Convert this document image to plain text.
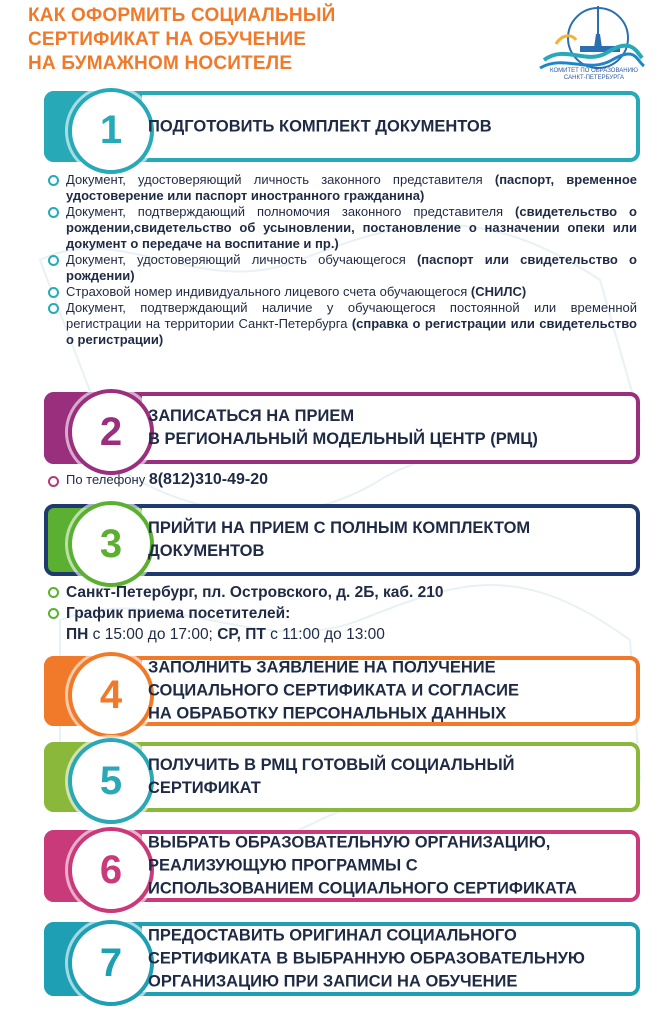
КАК ОФОРМИТЬ СОЦИАЛЬНЫЙ
СЕРТИФИКАТ НА ОБУЧЕНИЕ
НА БУМАЖНОМ НОСИТЕЛЕ	КОМИТЕТ ПО ОБРАЗОВАНИЮ САНКТ-ПЕТЕРБУРГА
1	ПОДГОТОВИТЬ КОМПЛЕКТ ДОКУМЕНТОВ
Документ, удостоверяющий личность законного представителя (паспорт, временное удостоверение или паспорт иностранного гражданина)
Документ, подтверждающий полномочия законного представителя (свидетельство о рождении,свидетельство об усыновлении, постановление о назначении опеки или документ о передаче на воспитание и пр.)
Документ, удостоверяющий личность обучающегося (паспорт или свидетельство о рождении)
Страховой номер индивидуального лицевого счета обучающегося (СНИЛС)
Документ, подтверждающий наличие у обучающегося постоянной или временной регистрации на территории Санкт-Петербурга (справка о регистрации или свидетельство о регистрации)
2	ЗАПИСАТЬСЯ НА ПРИЕМ
В РЕГИОНАЛЬНЫЙ МОДЕЛЬНЫЙ ЦЕНТР (РМЦ)
По телефону 8(812)310-49-20
3	ПРИЙТИ НА ПРИЕМ С ПОЛНЫМ КОМПЛЕКТОМ
ДОКУМЕНТОВ
Санкт-Петербург, пл. Островского, д. 2Б, каб. 210
График приема посетителей:
ПН с 15:00 до 17:00; СР, ПТ с 11:00 до 13:00
4
ЗАПОЛНИТЬ ЗАЯВЛЕНИЕ НА ПОЛУЧЕНИЕ
СОЦИАЛЬНОГО СЕРТИФИКАТА И СОГЛАСИЕ
НА ОБРАБОТКУ ПЕРСОНАЛЬНЫХ ДАННЫХ
5	ПОЛУЧИТЬ В РМЦ ГОТОВЫЙ СОЦИАЛЬНЫЙ
СЕРТИФИКАТ
6
ВЫБРАТЬ ОБРАЗОВАТЕЛЬНУЮ ОРГАНИЗАЦИЮ,
РЕАЛИЗУЮЩУЮ ПРОГРАММЫ С
ИСПОЛЬЗОВАНИЕМ СОЦИАЛЬНОГО СЕРТИФИКАТА
7
ПРЕДОСТАВИТЬ ОРИГИНАЛ СОЦИАЛЬНОГО
СЕРТИФИКАТА В ВЫБРАННУЮ ОБРАЗОВАТЕЛЬНУЮ
ОРГАНИЗАЦИЮ ПРИ ЗАПИСИ НА ОБУЧЕНИЕ
